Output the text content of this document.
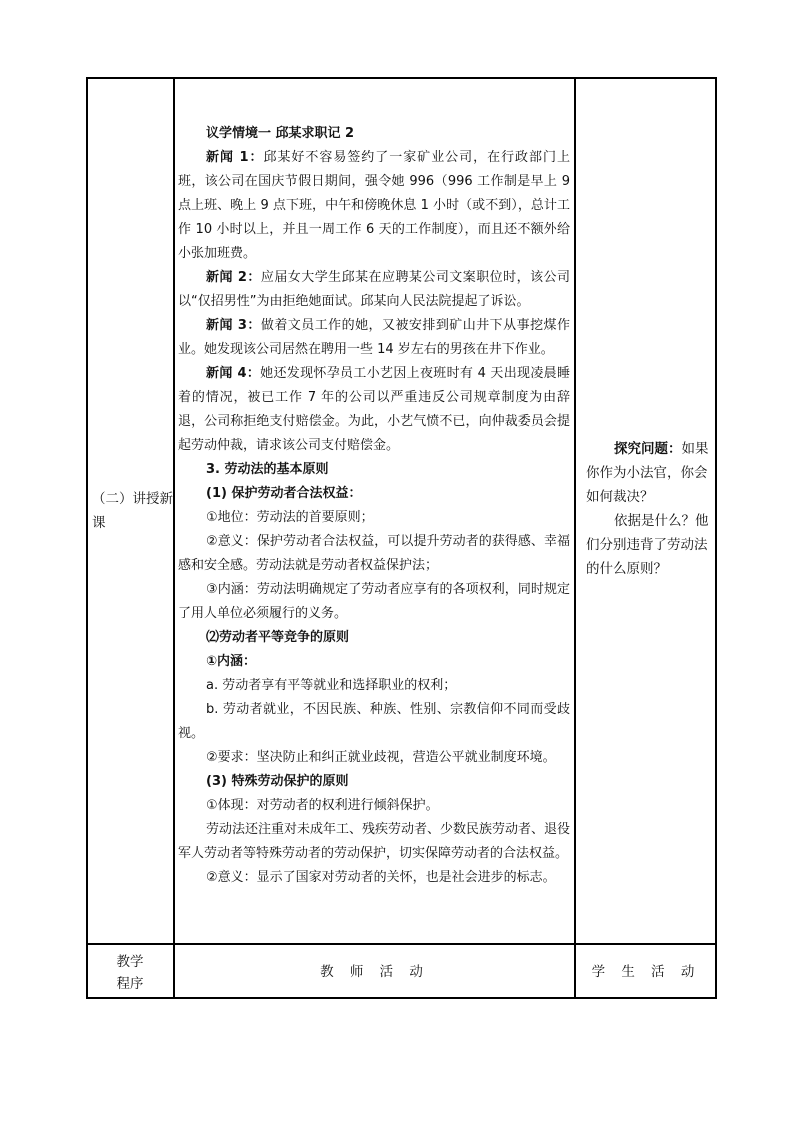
（二）讲授新课

议学情境一 邱某求职记 2

新闻 1：邱某好不容易签约了一家矿业公司，在行政部门上班，该公司在国庆节假日期间，强令她 996（996 工作制是早上 9 点上班、晚上 9 点下班，中午和傍晚休息 1 小时（或不到），总计工作 10 小时以上，并且一周工作 6 天的工作制度），而且还不额外给小张加班费。

新闻 2：应届女大学生邱某在应聘某公司文案职位时，该公司以“仅招男性”为由拒绝她面试。邱某向人民法院提起了诉讼。

新闻 3：做着文员工作的她，又被安排到矿山井下从事挖煤作业。她发现该公司居然在聘用一些 14 岁左右的男孩在井下作业。

新闻 4：她还发现怀孕员工小艺因上夜班时有 4 天出现凌晨睡着的情况，被已工作 7 年的公司以严重违反公司规章制度为由辞退，公司称拒绝支付赔偿金。为此，小艺气愤不已，向仲裁委员会提起劳动仲裁，请求该公司支付赔偿金。

3. 劳动法的基本原则

(1) 保护劳动者合法权益：

①地位：劳动法的首要原则；

②意义：保护劳动者合法权益，可以提升劳动者的获得感、幸福感和安全感。劳动法就是劳动者权益保护法；

③内涵：劳动法明确规定了劳动者应享有的各项权利，同时规定了用人单位必须履行的义务。

⑵劳动者平等竞争的原则

①内涵：

a. 劳动者享有平等就业和选择职业的权利；

b. 劳动者就业，不因民族、种族、性别、宗教信仰不同而受歧视。

②要求：坚决防止和纠正就业歧视，营造公平就业制度环境。

(3) 特殊劳动保护的原则

①体现：对劳动者的权利进行倾斜保护。

劳动法还注重对未成年工、残疾劳动者、少数民族劳动者、退役军人劳动者等特殊劳动者的劳动保护，切实保障劳动者的合法权益。

②意义：显示了国家对劳动者的关怀，也是社会进步的标志。

探究问题：如果你作为小法官，你会如何裁决？

依据是什么？他们分别违背了劳动法的什么原则？

教学程序
教 师 活 动	学 生 活 动
